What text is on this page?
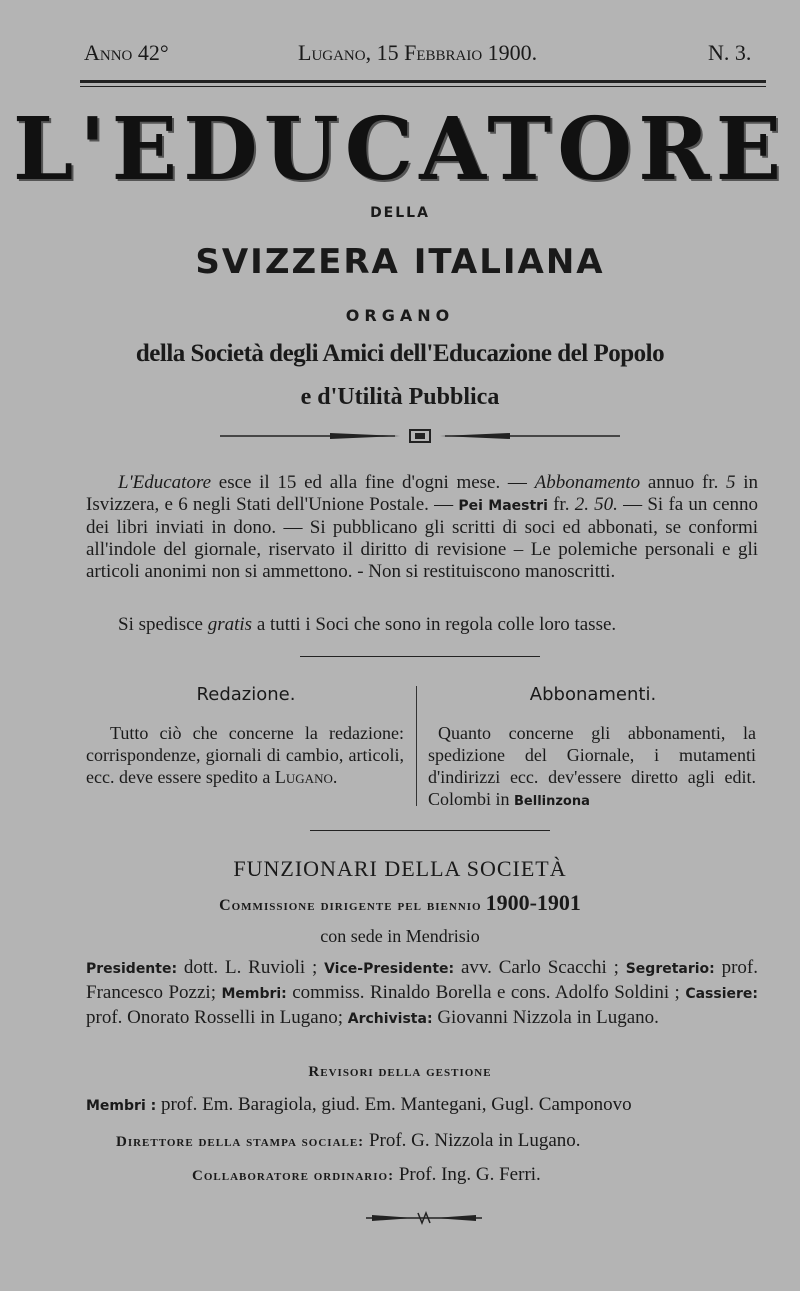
Anno 42°	Lugano, 15 Febbraio 1900.	N. 3.
L'EDUCATORE
DELLA
SVIZZERA ITALIANA
ORGANO
della Società degli Amici dell'Educazione del Popolo
e d'Utilità Pubblica
L'Educatore esce il 15 ed alla fine d'ogni mese. — Abbonamento annuo fr. 5 in Isvizzera, e 6 negli Stati dell'Unione Postale. — Pei Maestri fr. 2. 50. — Si fa un cenno dei libri inviati in dono. — Si pubblicano gli scritti di soci ed abbonati, se conformi all'indole del giornale, riservato il diritto di revisione – Le polemiche personali e gli articoli anonimi non si ammettono. - Non si restituiscono manoscritti.
Si spedisce gratis a tutti i Soci che sono in regola colle loro tasse.
Redazione.
Tutto ciò che concerne la redazione: corrispondenze, giornali di cambio, articoli, ecc. deve essere spedito a Lugano.
Abbonamenti.
Quanto concerne gli abbonamenti, la spedizione del Giornale, i mutamenti d'indirizzi ecc. dev'essere diretto agli edit. Colombi in Bellinzona
FUNZIONARI DELLA SOCIETÀ
Commissione dirigente pel biennio 1900-1901
con sede in Mendrisio
Presidente: dott. L. Ruvioli ; Vice-Presidente: avv. Carlo Scacchi ; Segretario: prof. Francesco Pozzi; Membri: commiss. Rinaldo Borella e cons. Adolfo Soldini ; Cassiere: prof. Onorato Rosselli in Lugano; Archivista: Giovanni Nizzola in Lugano.
Revisori della gestione
Membri : prof. Em. Baragiola, giud. Em. Mantegani, Gugl. Camponovo
Direttore della stampa sociale: Prof. G. Nizzola in Lugano.
Collaboratore ordinario: Prof. Ing. G. Ferri.
